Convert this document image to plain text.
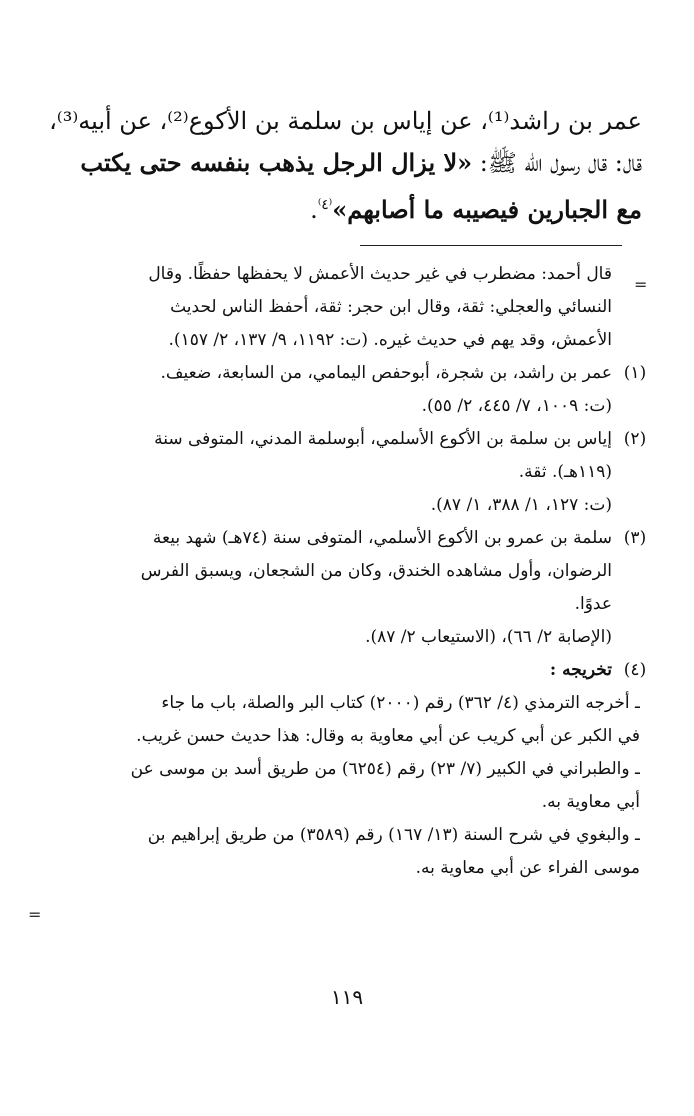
عمر بن راشد⁽¹⁾، عن إياس بن سلمة بن الأكوع⁽²⁾، عن أبيه⁽³⁾،
قال: قال رسول الله ﷺ: «لا يزال الرجل يذهب بنفسه حتى يكتب
مع الجبارين فيصيبه ما أصابهم»$^{^(٤^)}$.
=
قال أحمد: مضطرب في غير حديث الأعمش لا يحفظها حفظًا. وقال
النسائي والعجلي: ثقة، وقال ابن حجر: ثقة، أحفظ الناس لحديث
الأعمش، وقد يهم في حديث غيره. (ت: ١١٩٢، ٩/ ١٣٧، ٢/ ١٥٧).
(١)
عمر بن راشد، بن شجرة، أبوحفص اليمامي، من السابعة، ضعيف.
(ت: ١٠٠٩، ٧/ ٤٤٥، ٢/ ٥٥).
(٢)
إياس بن سلمة بن الأكوع الأسلمي، أبوسلمة المدني، المتوفى سنة
(١١٩هـ). ثقة.
(ت: ١٢٧، ١/ ٣٨٨، ١/ ٨٧).
(٣)
سلمة بن عمرو بن الأكوع الأسلمي، المتوفى سنة (٧٤هـ) شهد بيعة
الرضوان، وأول مشاهده الخندق، وكان من الشجعان، ويسبق الفرس
عدوًا.
(الإصابة ٢/ ٦٦)، (الاستيعاب ٢/ ٨٧).
(٤)
تخريجه :
ـ أخرجه الترمذي (٤/ ٣٦٢) رقم (٢٠٠٠) كتاب البر والصلة، باب ما جاء
في الكبر عن أبي كريب عن أبي معاوية به وقال: هذا حديث حسن غريب.
ـ والطبراني في الكبير (٧/ ٢٣) رقم (٦٢٥٤) من طريق أسد بن موسى عن
أبي معاوية به.
ـ والبغوي في شرح السنة (١٣/ ١٦٧) رقم (٣٥٨٩) من طريق إبراهيم بن
موسى الفراء عن أبي معاوية به.
=
١١٩
